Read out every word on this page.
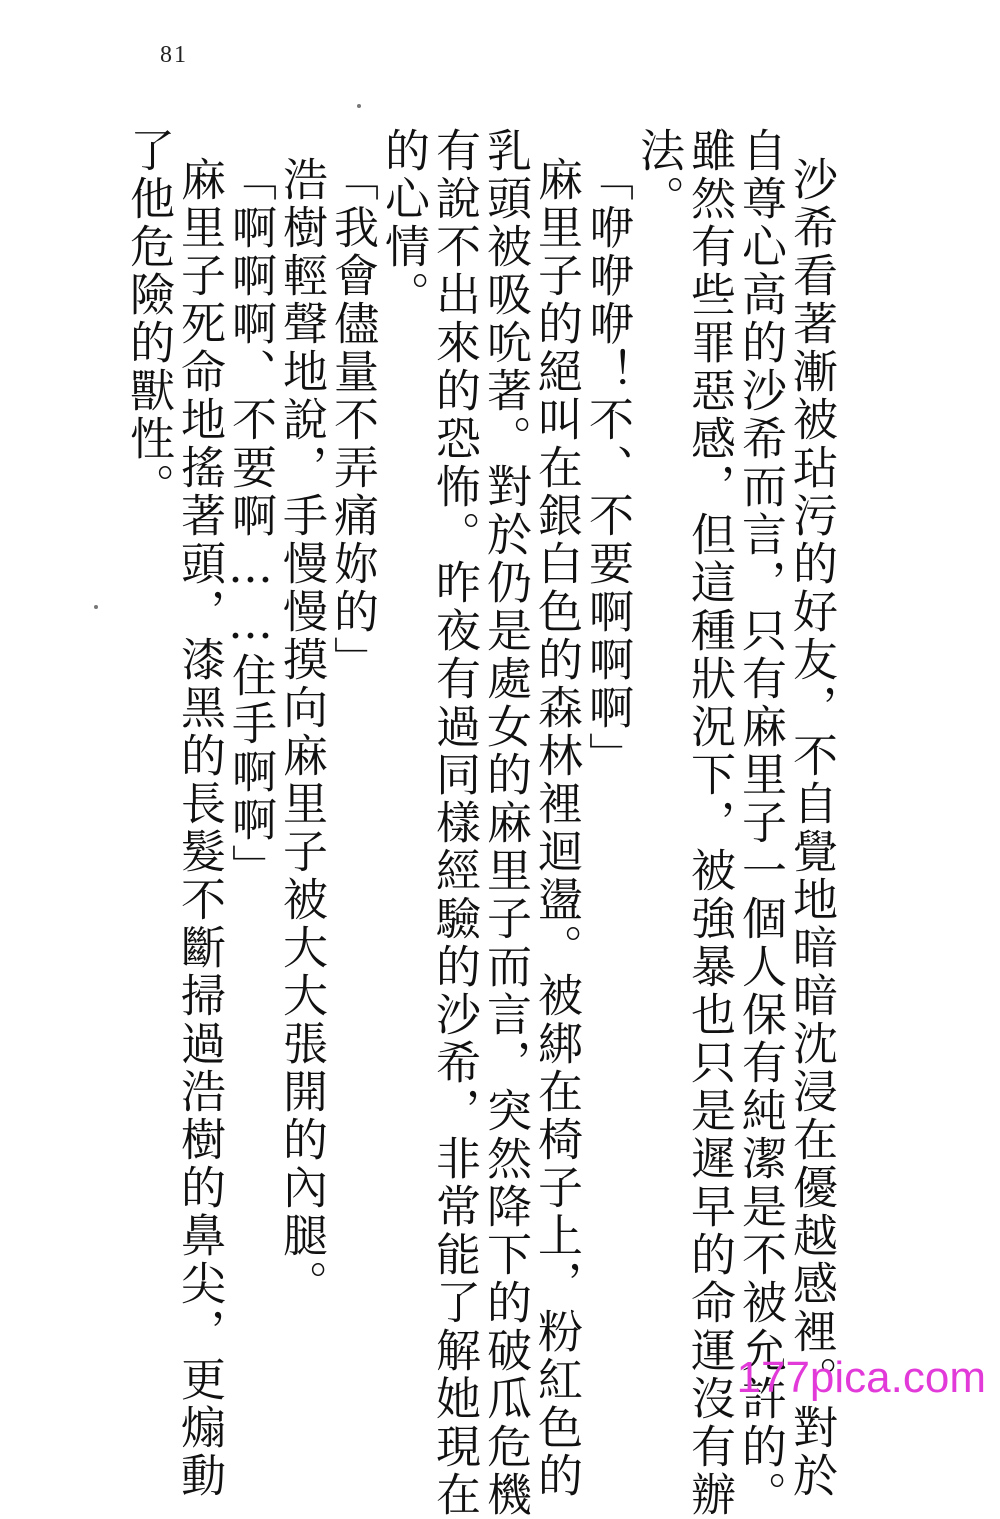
81
沙希看著漸被玷污的好友，不自覺地暗暗沈浸在優越感裡。對於
自尊心高的沙希而言，只有麻里子一個人保有純潔是不被允許的。
雖然有些罪惡感，但這種狀況下，被強暴也只是遲早的命運沒有辦
法。
「咿咿咿！不、不要啊啊啊」
麻里子的絕叫在銀白色的森林裡迴盪。被綁在椅子上，粉紅色的
乳頭被吸吮著。對於仍是處女的麻里子而言，突然降下的破瓜危機
有說不出來的恐怖。昨夜有過同樣經驗的沙希，非常能了解她現在
的心情。
「我會儘量不弄痛妳的」
浩樹輕聲地說，手慢慢摸向麻里子被大大張開的內腿。
「啊啊啊、不要啊……住手啊啊」
麻里子死命地搖著頭，漆黑的長髮不斷掃過浩樹的鼻尖，更煽動
了他危險的獸性。
177pica.com
